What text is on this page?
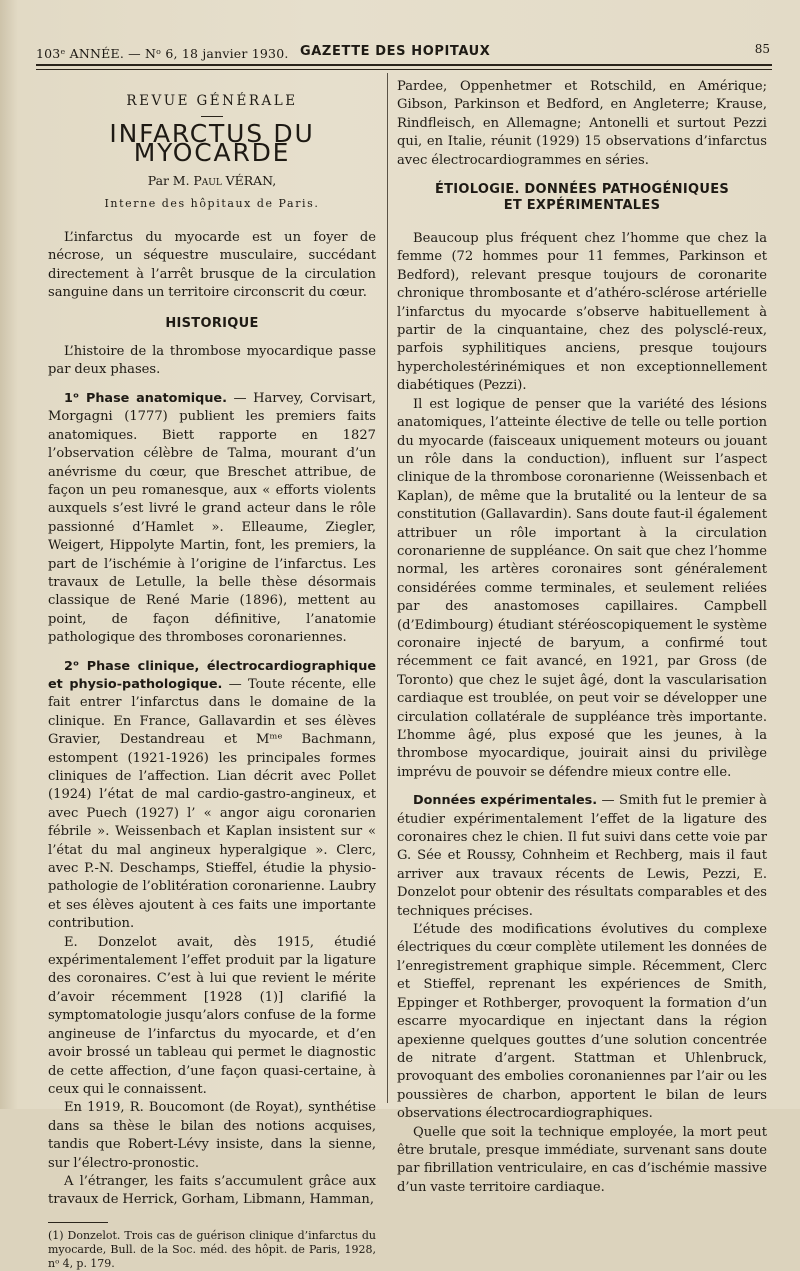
103ᵉ ANNÉE. — Nᵒ 6, 18 janvier 1930. GAZETTE DES HOPITAUX	85
REVUE GÉNÉRALE
INFARCTUS DU MYOCARDE
Par M. Paul VÉRAN,
Interne des hôpitaux de Paris.

L’infarctus du myocarde est un foyer de nécrose, un séquestre musculaire, succédant directement à l’arrêt brusque de la circulation sanguine dans un territoire circonscrit du cœur.

HISTORIQUE

L’histoire de la thrombose myocardique passe par deux phases.

1ᵒ Phase anatomique. — Harvey, Corvisart, Morgagni (1777) publient les premiers faits anatomiques. Biett rapporte en 1827 l’observation célèbre de Talma, mourant d’un anévrisme du cœur, que Breschet attribue, de façon un peu romanesque, aux « efforts violents auxquels s’est livré le grand acteur dans le rôle passionné d’Hamlet ». Elleaume, Ziegler, Weigert, Hippolyte Martin, font, les premiers, la part de l’ischémie à l’origine de l’infarctus. Les travaux de Letulle, la belle thèse désormais classique de René Marie (1896), mettent au point, de façon définitive, l’anatomie pathologique des thromboses coronariennes.

2ᵒ Phase clinique, électrocardiographique et physio-pathologique. — Toute récente, elle fait entrer l’infarctus dans le domaine de la clinique. En France, Gallavardin et ses élèves Gravier, Destandreau et Mᵐᵉ Bachmann, estompent (1921-1926) les principales formes cliniques de l’affection. Lian décrit avec Pollet (1924) l’état de mal cardio-gastro-angineux, et avec Puech (1927) l’ « angor aigu coronarien fébrile ». Weissenbach et Kaplan insistent sur « l’état du mal angineux hyperalgique ». Clerc, avec P.-N. Deschamps, Stieffel, étudie la physio-pathologie de l’oblitération coronarienne. Laubry et ses élèves ajoutent à ces faits une importante contribution.

E. Donzelot avait, dès 1915, étudié expérimentalement l’effet produit par la ligature des coronaires. C’est à lui que revient le mérite d’avoir récemment [1928 (1)] clarifié la symptomatologie jusqu’alors confuse de la forme angineuse de l’infarctus du myocarde, et d’en avoir brossé un tableau qui permet le diagnostic de cette affection, d’une façon quasi-certaine, à ceux qui le connaissent.

En 1919, R. Boucomont (de Royat), synthétise dans sa thèse le bilan des notions acquises, tandis que Robert-Lévy insiste, dans la sienne, sur l’électro-pronostic.

A l’étranger, les faits s’accumulent grâce aux travaux de Herrick, Gorham, Libmann, Hamman,

(1) Donzelot. Trois cas de guérison clinique d’infarctus du myocarde, Bull. de la Soc. méd. des hôpit. de Paris, 1928, nᵒ 4, p. 179.

Pardee, Oppenhetmer et Rotschild, en Amérique; Gibson, Parkinson et Bedford, en Angleterre; Krause, Rindfleisch, en Allemagne; Antonelli et surtout Pezzi qui, en Italie, réunit (1929) 15 observations d’infarctus avec électrocardiogrammes en séries.

ÉTIOLOGIE. DONNÉES PATHOGÉNIQUES
ET EXPÉRIMENTALES

Beaucoup plus fréquent chez l’homme que chez la femme (72 hommes pour 11 femmes, Parkinson et Bedford), relevant presque toujours de coronarite chronique thrombosante et d’athéro-sclérose artérielle l’infarctus du myocarde s’observe habituellement à partir de la cinquantaine, chez des polysclé-reux, parfois syphilitiques anciens, presque toujours hypercholestérinémiques et non exceptionnellement diabétiques (Pezzi).

Il est logique de penser que la variété des lésions anatomiques, l’atteinte élective de telle ou telle portion du myocarde (faisceaux uniquement moteurs ou jouant un rôle dans la conduction), influent sur l’aspect clinique de la thrombose coronarienne (Weissenbach et Kaplan), de même que la brutalité ou la lenteur de sa constitution (Gallavardin). Sans doute faut-il également attribuer un rôle important à la circulation coronarienne de suppléance. On sait que chez l’homme normal, les artères coronaires sont généralement considérées comme terminales, et seulement reliées par des anastomoses capillaires. Campbell (d’Edimbourg) étudiant stéréoscopiquement le système coronaire injecté de baryum, a confirmé tout récemment ce fait avancé, en 1921, par Gross (de Toronto) que chez le sujet âgé, dont la vascularisation cardiaque est troublée, on peut voir se développer une circulation collatérale de suppléance très importante. L’homme âgé, plus exposé que les jeunes, à la thrombose myocardique, jouirait ainsi du privilège imprévu de pouvoir se défendre mieux contre elle.

Données expérimentales. — Smith fut le premier à étudier expérimentalement l’effet de la ligature des coronaires chez le chien. Il fut suivi dans cette voie par G. Sée et Roussy, Cohnheim et Rechberg, mais il faut arriver aux travaux récents de Lewis, Pezzi, E. Donzelot pour obtenir des résultats comparables et des techniques précises.

L’étude des modifications évolutives du complexe électriques du cœur complète utilement les données de l’enregistrement graphique simple. Récemment, Clerc et Stieffel, reprenant les expériences de Smith, Eppinger et Rothberger, provoquent la formation d’un escarre myocardique en injectant dans la région apexienne quelques gouttes d’une solution concentrée de nitrate d’argent. Stattman et Uhlenbruck, provoquant des embolies coronaniennes par l’air ou les poussières de charbon, apportent le bilan de leurs observations électrocardiographiques.

Quelle que soit la technique employée, la mort peut être brutale, presque immédiate, survenant sans doute par fibrillation ventriculaire, en cas d’ischémie massive d’un vaste territoire cardiaque.
